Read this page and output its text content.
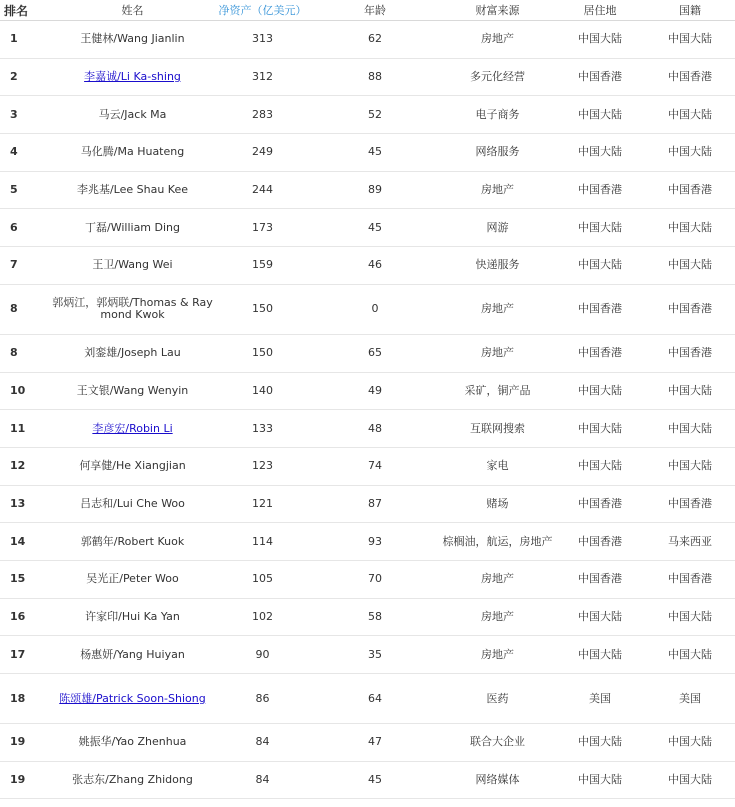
排名	姓名	净资产（亿美元）	年龄	财富来源	居住地	国籍
1	王健林/Wang Jianlin	313	62	房地产	中国大陆	中国大陆
2	李嘉诚/Li Ka-shing	312	88	多元化经营	中国香港	中国香港
3	马云/Jack Ma	283	52	电子商务	中国大陆	中国大陆
4	马化腾/Ma Huateng	249	45	网络服务	中国大陆	中国大陆
5	李兆基/Lee Shau Kee	244	89	房地产	中国香港	中国香港
6	丁磊/William Ding	173	45	网游	中国大陆	中国大陆
7	王卫/Wang Wei	159	46	快递服务	中国大陆	中国大陆
8	郭炳江，郭炳联/Thomas & Raymond Kwok	150	0	房地产	中国香港	中国香港
8	刘銮雄/Joseph Lau	150	65	房地产	中国香港	中国香港
10	王文银/Wang Wenyin	140	49	采矿，铜产品	中国大陆	中国大陆
11	李彦宏/Robin Li	133	48	互联网搜索	中国大陆	中国大陆
12	何享健/He Xiangjian	123	74	家电	中国大陆	中国大陆
13	吕志和/Lui Che Woo	121	87	赌场	中国香港	中国香港
14	郭鹤年/Robert Kuok	114	93	棕榈油，航运，房地产	中国香港	马来西亚
15	吴光正/Peter Woo	105	70	房地产	中国香港	中国香港
16	许家印/Hui Ka Yan	102	58	房地产	中国大陆	中国大陆
17	杨惠妍/Yang Huiyan	90	35	房地产	中国大陆	中国大陆
18	陈颂雄/Patrick Soon-Shiong	86	64	医药	美国	美国
19	姚振华/Yao Zhenhua	84	47	联合大企业	中国大陆	中国大陆
19	张志东/Zhang Zhidong	84	45	网络媒体	中国大陆	中国大陆
